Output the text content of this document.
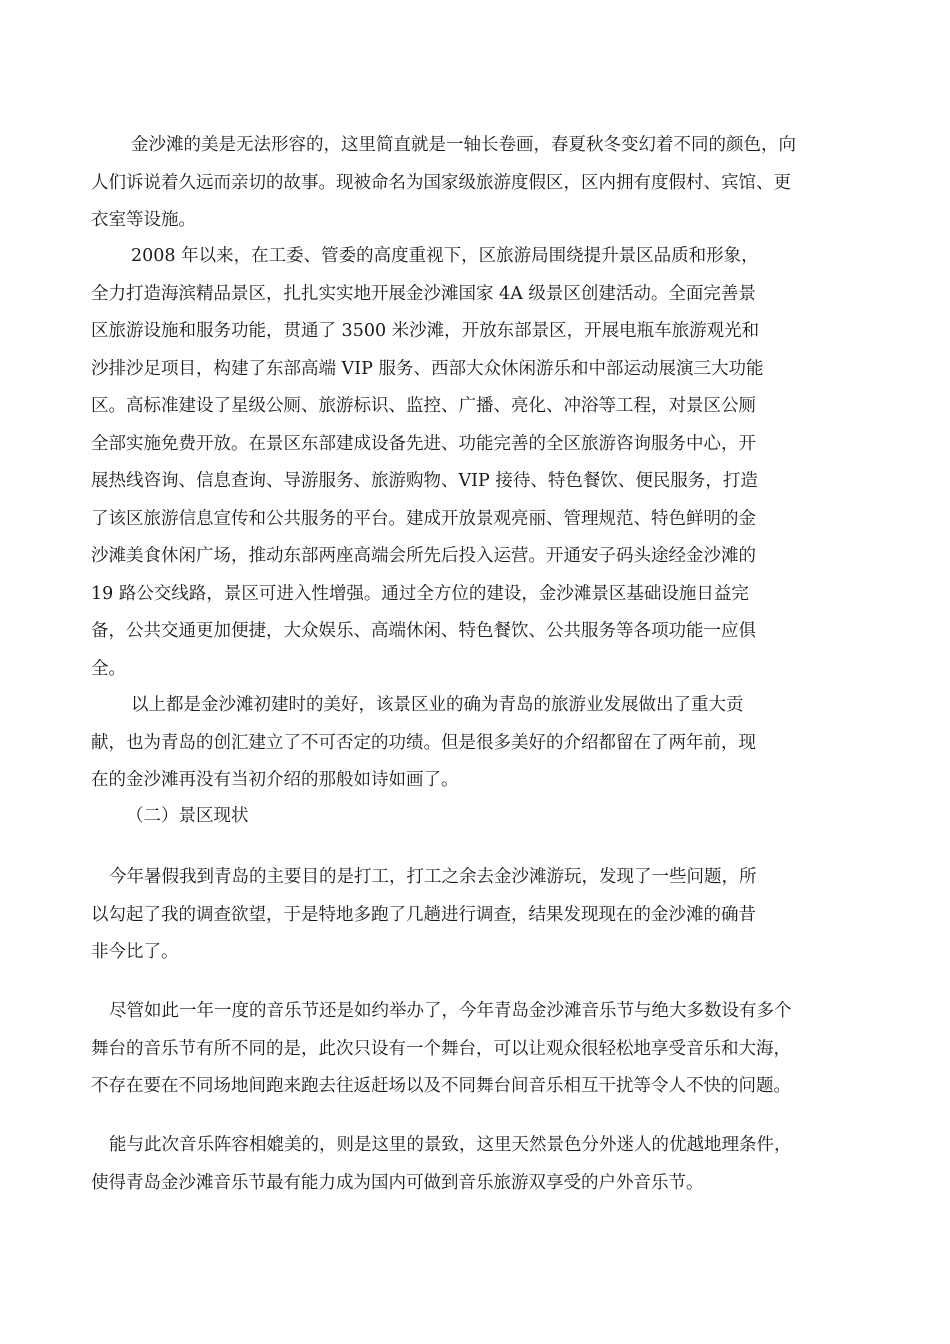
金沙滩的美是无法形容的，这里简直就是一轴长卷画，春夏秋冬变幻着不同的颜色，向
人们诉说着久远而亲切的故事。现被命名为国家级旅游度假区，区内拥有度假村、宾馆、更
衣室等设施。
2008 年以来，在工委、管委的高度重视下，区旅游局围绕提升景区品质和形象，
全力打造海滨精品景区，扎扎实实地开展金沙滩国家 4A 级景区创建活动。全面完善景
区旅游设施和服务功能，贯通了 3500 米沙滩，开放东部景区，开展电瓶车旅游观光和
沙排沙足项目，构建了东部高端 VIP 服务、西部大众休闲游乐和中部运动展演三大功能
区。高标准建设了星级公厕、旅游标识、监控、广播、亮化、冲浴等工程，对景区公厕
全部实施免费开放。在景区东部建成设备先进、功能完善的全区旅游咨询服务中心，开
展热线咨询、信息查询、导游服务、旅游购物、VIP 接待、特色餐饮、便民服务，打造
了该区旅游信息宣传和公共服务的平台。建成开放景观亮丽、管理规范、特色鲜明的金
沙滩美食休闲广场，推动东部两座高端会所先后投入运营。开通安子码头途经金沙滩的
19 路公交线路，景区可进入性增强。通过全方位的建设，金沙滩景区基础设施日益完
备，公共交通更加便捷，大众娱乐、高端休闲、特色餐饮、公共服务等各项功能一应俱
全。
以上都是金沙滩初建时的美好，该景区业的确为青岛的旅游业发展做出了重大贡
献，也为青岛的创汇建立了不可否定的功绩。但是很多美好的介绍都留在了两年前，现
在的金沙滩再没有当初介绍的那般如诗如画了。
（二）景区现状
今年暑假我到青岛的主要目的是打工，打工之余去金沙滩游玩，发现了一些问题，所
以勾起了我的调查欲望，于是特地多跑了几趟进行调查，结果发现现在的金沙滩的确昔
非今比了。
尽管如此一年一度的音乐节还是如约举办了，今年青岛金沙滩音乐节与绝大多数设有多个
舞台的音乐节有所不同的是，此次只设有一个舞台，可以让观众很轻松地享受音乐和大海，
不存在要在不同场地间跑来跑去往返赶场以及不同舞台间音乐相互干扰等令人不快的问题。
能与此次音乐阵容相媲美的，则是这里的景致，这里天然景色分外迷人的优越地理条件，
使得青岛金沙滩音乐节最有能力成为国内可做到音乐旅游双享受的户外音乐节。
